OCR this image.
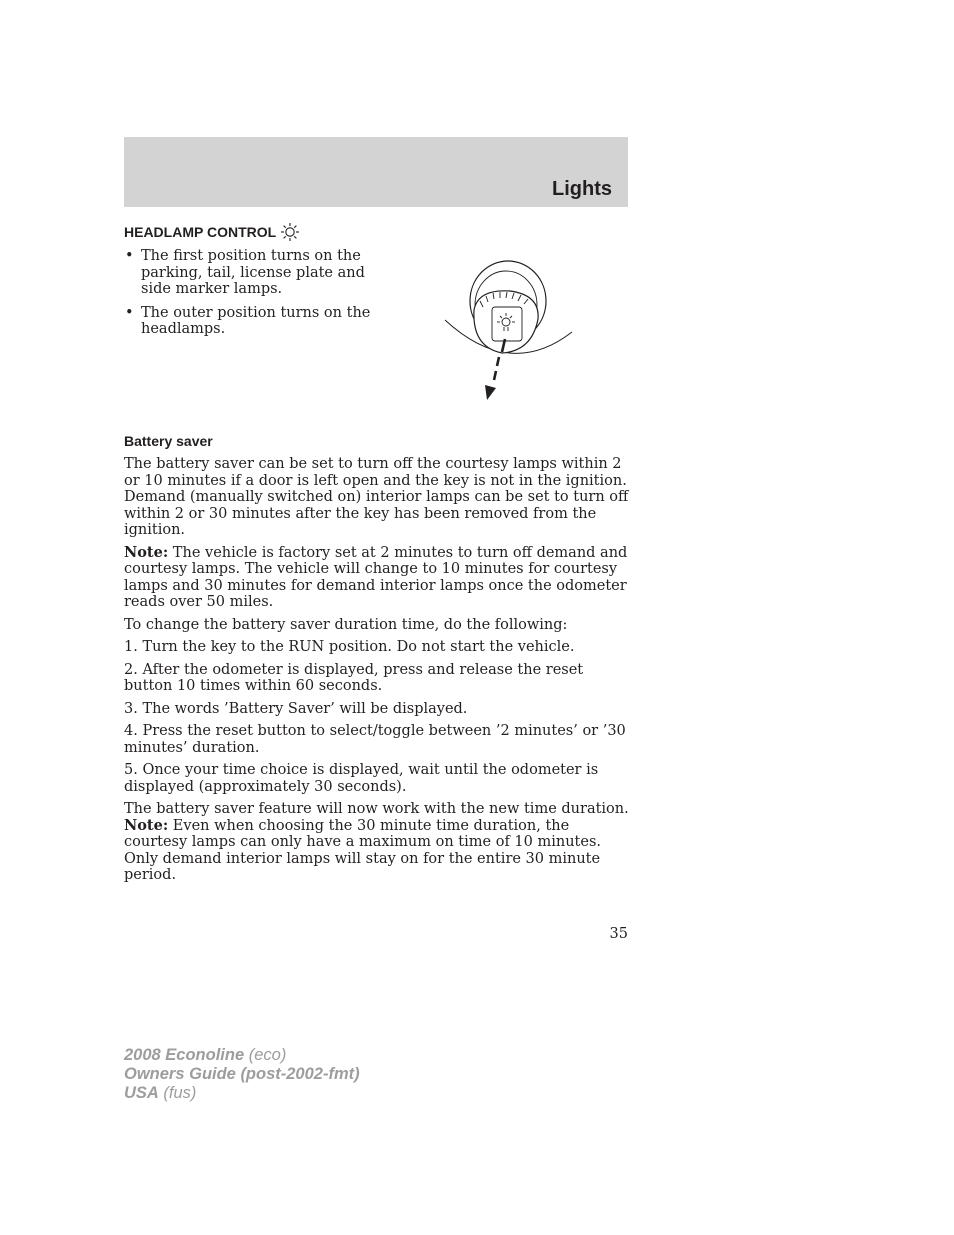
Lights
HEADLAMP CONTROL
• The first position turns on the parking, tail, license plate and side marker lamps.
• The outer position turns on the headlamps.
Battery saver

The battery saver can be set to turn off the courtesy lamps within 2 or 10 minutes if a door is left open and the key is not in the ignition. Demand (manually switched on) interior lamps can be set to turn off within 2 or 30 minutes after the key has been removed from the ignition.

Note: The vehicle is factory set at 2 minutes to turn off demand and courtesy lamps. The vehicle will change to 10 minutes for courtesy lamps and 30 minutes for demand interior lamps once the odometer reads over 50 miles.

To change the battery saver duration time, do the following:

1. Turn the key to the RUN position. Do not start the vehicle.

2. After the odometer is displayed, press and release the reset button 10 times within 60 seconds.

3. The words ’Battery Saver’ will be displayed.

4. Press the reset button to select/toggle between ’2 minutes’ or ’30 minutes’ duration.

5. Once your time choice is displayed, wait until the odometer is displayed (approximately 30 seconds).

The battery saver feature will now work with the new time duration.

Note: Even when choosing the 30 minute time duration, the courtesy lamps can only have a maximum on time of 10 minutes. Only demand interior lamps will stay on for the entire 30 minute period.

35
2008 Econoline (eco)
Owners Guide (post-2002-fmt)
USA (fus)
